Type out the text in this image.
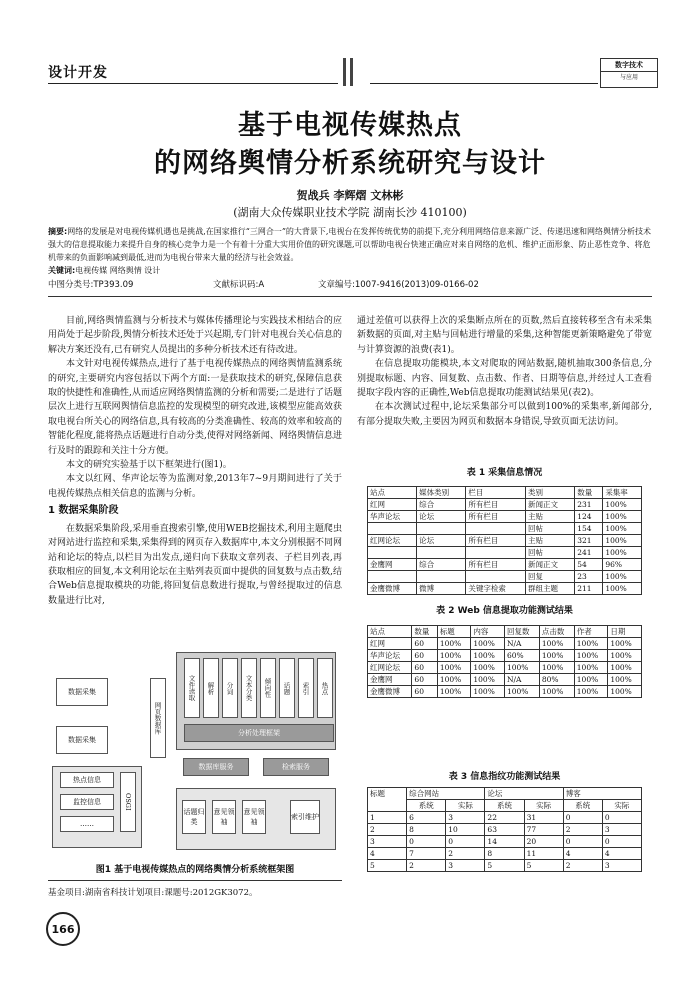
设计开发
数字技术
与应用
基于电视传媒热点
的网络舆情分析系统研究与设计
贺战兵 李辉熠 文林彬
(湖南大众传媒职业技术学院 湖南长沙 410100)
摘要:网络的发展是对电视传媒机遇也是挑战,在国家推行“三网合一”的大背景下,电视台在发挥传统优势的前提下,充分利用网络信息来源广泛、传递迅速和网络舆情分析技术强大的信息提取能力来提升自身的核心竞争力是一个有着十分重大实用价值的研究课题,可以帮助电视台快速正确应对来自网络的危机、维护正面形象、防止恶性竞争、将危机带来的负面影响减到最低,进而为电视台带来大量的经济与社会效益。
关键词:电视传媒 网络舆情 设计
中图分类号:TP393.09	文献标识码:A	文章编号:1007-9416(2013)09-0166-02

目前,网络舆情监测与分析技术与媒体传播理论与实践技术相结合的应用尚处于起步阶段,舆情分析技术还处于兴起期,专门针对电视台关心信息的解决方案还没有,已有研究人员提出的多种分析技术还有待改进。

本文针对电视传媒热点,进行了基于电视传媒热点的网络舆情监测系统的研究,主要研究内容包括以下两个方面:一是获取技术的研究,保障信息获取的快捷性和准确性,从而适应网络舆情监测的分析和需要;二是进行了话题层次上进行互联网舆情信息监控的发现模型的研究改进,该模型应能高效获取电视台所关心的网络信息,具有较高的分类准确性、较高的效率和较高的智能化程度,能将热点话题进行自动分类,使得对网络新闻、网络舆情信息进行及时的跟踪和关注十分方便。

本文的研究实验基于以下框架进行(图1)。

本文以红网、华声论坛等为监测对象,2013年7~9月期间进行了关于电视传媒热点相关信息的监测与分析。

1 数据采集阶段

在数据采集阶段,采用垂直搜索引擎,使用WEB挖掘技术,利用主题爬虫对网站进行监控和采集,采集得到的网页存入数据库中,本文分别根据不同网站和论坛的特点,以栏目为出发点,递归向下获取文章列表、子栏目列表,再获取相应的回复,本文利用论坛在主贴列表页面中提供的回复数与点击数,结合Web信息提取模块的功能,将回复信息数进行提取,与曾经提取过的信息数量进行比对,

数据采集
数据采集
热点信息
监控信息
……
OSGI
网页数据库
文件读取	解析	分词	文本分类	倾向性	话题	索引	热点
分析处理框架
数据库服务	检索服务
话题归类
意见领袖
意见领袖
索引维护
图1 基于电视传媒热点的网络舆情分析系统框架图

通过差值可以获得上次的采集断点所在的页数,然后直接转移至含有未采集新数据的页面,对主贴与回帖进行增量的采集,这种智能更新策略避免了带宽与计算资源的浪费(表1)。

在信息提取功能模块,本文对爬取的网站数据,随机抽取300条信息,分别提取标题、内容、回复数、点击数、作者、日期等信息,并经过人工查看提取字段内容的正确性,Web信息提取功能测试结果见(表2)。

在本次测试过程中,论坛采集部分可以做到100%的采集率,新闻部分,有部分提取失败,主要因为网页和数据本身错误,导致页面无法访问。

表 1 采集信息情况
站点	媒体类别	栏目	类别	数量	采集率
红网	综合	所有栏目	新闻正文	231	100%
华声论坛	论坛	所有栏目	主贴	124	100%
			回帖	154	100%
红网论坛	论坛	所有栏目	主贴	321	100%
			回帖	241	100%
金鹰网	综合	所有栏目	新闻正文	54	96%
			回复	23	100%
金鹰微博	微博	关键字检索	群组主题	211	100%
表 2 Web 信息提取功能测试结果
站点	数量	标题	内容	回复数	点击数	作者	日期
红网	60	100%	100%	N/A	100%	100%	100%
华声论坛	60	100%	100%	60%	100%	100%	100%
红网论坛	60	100%	100%	100%	100%	100%	100%
金鹰网	60	100%	100%	N/A	80%	100%	100%
金鹰微博	60	100%	100%	100%	100%	100%	100%
表 3 信息指纹功能测试结果
标题	综合网站		论坛		博客	
	系统	实际	系统	实际	系统	实际
1	6	3	22	31	0	0
2	8	10	63	77	2	3
3	0	0	14	20	0	0
4	7	2	8	11	4	4
5	2	3	5	5	2	3
基金项目:湖南省科技计划项目:课题号:2012GK3072。
166
